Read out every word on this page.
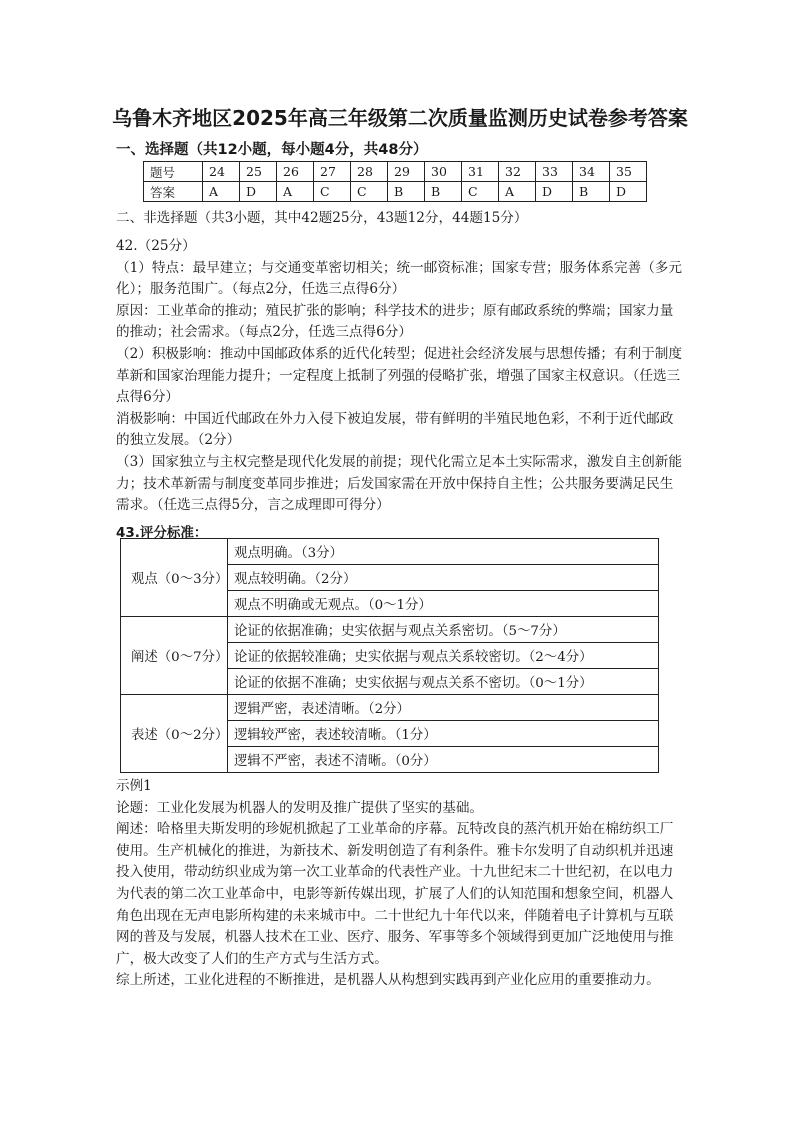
乌鲁木齐地区2025年高三年级第二次质量监测历史试卷参考答案
一、选择题（共12小题，每小题4分，共48分）
题号	24	25	26	27	28	29	30	31	32	33	34	35
答案	A	D	A	C	C	B	B	C	A	D	B	D
二、非选择题（共3小题，其中42题25分，43题12分，44题15分）

42.（25分）

（1）特点：最早建立；与交通变革密切相关；统一邮资标准；国家专营；服务体系完善（多元化）；服务范围广。（每点2分，任选三点得6分）

原因：工业革命的推动；殖民扩张的影响；科学技术的进步；原有邮政系统的弊端；国家力量的推动；社会需求。（每点2分，任选三点得6分）

（2）积极影响：推动中国邮政体系的近代化转型；促进社会经济发展与思想传播；有利于制度革新和国家治理能力提升；一定程度上抵制了列强的侵略扩张，增强了国家主权意识。（任选三点得6分）

消极影响：中国近代邮政在外力入侵下被迫发展，带有鲜明的半殖民地色彩，不利于近代邮政的独立发展。（2分）

（3）国家独立与主权完整是现代化发展的前提；现代化需立足本土实际需求，激发自主创新能力；技术革新需与制度变革同步推进；后发国家需在开放中保持自主性；公共服务要满足民生需求。（任选三点得5分，言之成理即可得分）

43.评分标准：
观点（0～3分）	观点明确。（3分）
	观点较明确。（2分）
	观点不明确或无观点。（0～1分）
阐述（0～7分）	论证的依据准确；史实依据与观点关系密切。（5～7分）
	论证的依据较准确；史实依据与观点关系较密切。（2～4分）
	论证的依据不准确；史实依据与观点关系不密切。（0～1分）
表述（0～2分）	逻辑严密，表述清晰。（2分）
	逻辑较严密，表述较清晰。（1分）
	逻辑不严密，表述不清晰。（0分）

示例1

论题：工业化发展为机器人的发明及推广提供了坚实的基础。

阐述：哈格里夫斯发明的珍妮机掀起了工业革命的序幕。瓦特改良的蒸汽机开始在棉纺织工厂使用。生产机械化的推进，为新技术、新发明创造了有利条件。雅卡尔发明了自动织机并迅速投入使用，带动纺织业成为第一次工业革命的代表性产业。十九世纪末二十世纪初，在以电力为代表的第二次工业革命中，电影等新传媒出现，扩展了人们的认知范围和想象空间，机器人角色出现在无声电影所构建的未来城市中。二十世纪九十年代以来，伴随着电子计算机与互联网的普及与发展，机器人技术在工业、医疗、服务、军事等多个领域得到更加广泛地使用与推广，极大改变了人们的生产方式与生活方式。

综上所述，工业化进程的不断推进，是机器人从构想到实践再到产业化应用的重要推动力。
